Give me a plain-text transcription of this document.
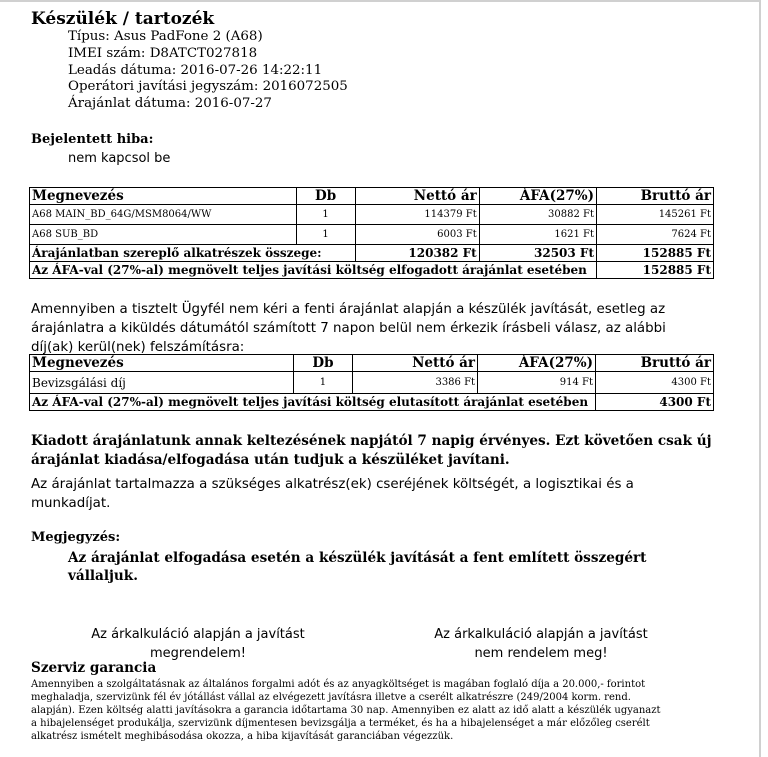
Készülék / tartozék
Típus: Asus PadFone 2 (A68)
IMEI szám: D8ATCT027818
Leadás dátuma: 2016-07-26 14:22:11
Operátori javítási jegyszám: 2016072505
Árajánlat dátuma: 2016-07-27
Bejelentett hiba:
nem kapcsol be
Megnevezés	Db	Nettó ár	ÁFA(27%)	Bruttó ár
A68 MAIN_BD_64G/MSM8064/WW	1	114379 Ft	30882 Ft	145261 Ft
A68 SUB_BD	1	6003 Ft	1621 Ft	7624 Ft
Árajánlatban szereplő alkatrészek összege:		120382 Ft	32503 Ft	152885 Ft
Az ÁFA-val (27%-al) megnövelt teljes javítási költség elfogadott árajánlat esetében				152885 Ft
Amennyiben a tisztelt Ügyfél nem kéri a fenti árajánlat alapján a készülék javítását, esetleg az
árajánlatra a kiküldés dátumától számított 7 napon belül nem érkezik írásbeli válasz, az alábbi
díj(ak) kerül(nek) felszámításra:
Megnevezés	Db	Nettó ár	ÁFA(27%)	Bruttó ár
Bevizsgálási díj	1	3386 Ft	914 Ft	4300 Ft
Az ÁFA-val (27%-al) megnövelt teljes javítási költség elutasított árajánlat esetében				4300 Ft
Kiadott árajánlatunk annak keltezésének napjától 7 napig érvényes. Ezt követően csak új
árajánlat kiadása/elfogadása után tudjuk a készüléket javítani.
Az árajánlat tartalmazza a szükséges alkatrész(ek) cseréjének költségét, a logisztikai és a
munkadíjat.
Megjegyzés:
Az árajánlat elfogadása esetén a készülék javítását a fent említett összegért
vállaljuk.
Az árkalkuláció alapján a javítást
megrendelem!
Az árkalkuláció alapján a javítást
nem rendelem meg!
Szerviz garancia
Amennyiben a szolgáltatásnak az általános forgalmi adót és az anyagköltséget is magában foglaló díja a 20.000,- forintot
meghaladja, szervizünk fél év jótállást vállal az elvégezett javításra illetve a cserélt alkatrészre (249/2004 korm. rend.
alapján). Ezen költség alatti javításokra a garancia időtartama 30 nap. Amennyiben ez alatt az idő alatt a készülék ugyanazt
a hibajelenséget produkálja, szervizünk díjmentesen bevizsgálja a terméket, és ha a hibajelenséget a már előzőleg cserélt
alkatrész ismételt meghibásodása okozza, a hiba kijavítását garanciában végezzük.
